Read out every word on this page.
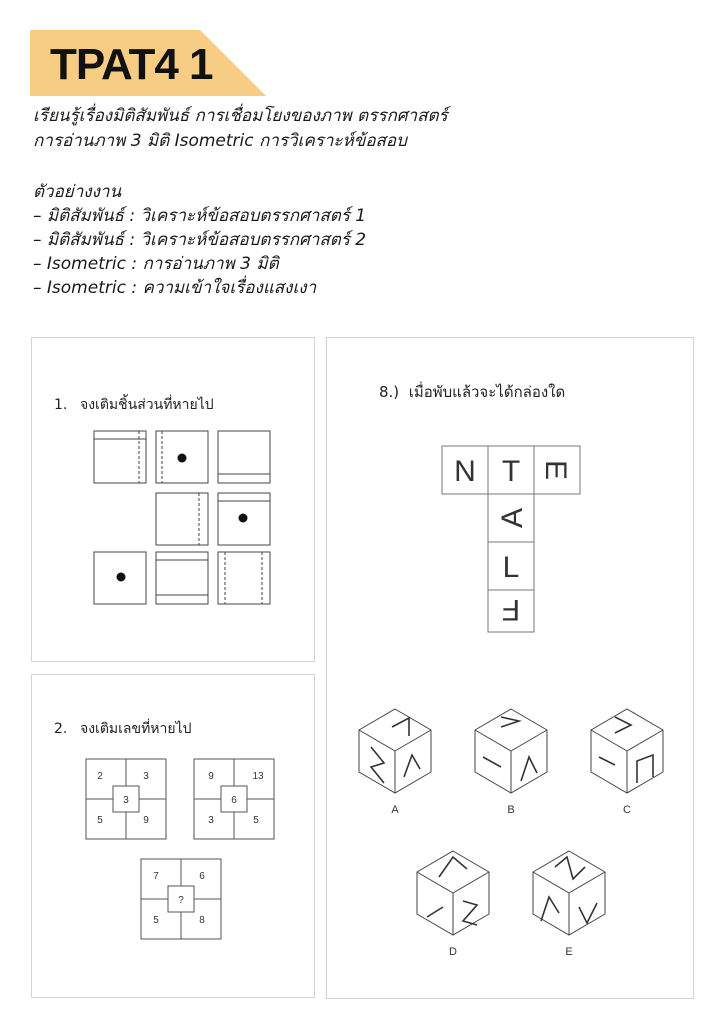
TPAT4 1

เรียนรู้เรื่องมิติสัมพันธ์ การเชื่อมโยงของภาพ ตรรกศาสตร์

การอ่านภาพ 3 มิติ Isometric การวิเคราะห์ข้อสอบ

ตัวอย่างงาน
– มิติสัมพันธ์ : วิเคราะห์ข้อสอบตรรกศาสตร์ 1
– มิติสัมพันธ์ : วิเคราะห์ข้อสอบตรรกศาสตร์ 2
– Isometric : การอ่านภาพ 3 มิติ
– Isometric : ความเข้าใจเรื่องแสงเงา
1. จงเติมชิ้นส่วนที่หายไป
2. จงเติมเลขที่หายไป
2	3
3
5	9
9	13
6
3	5
7	6
?
5	8
8.) เมื่อพับแล้วจะได้กล่องใด
N T E
A
L
F
A	B	C
D	E
